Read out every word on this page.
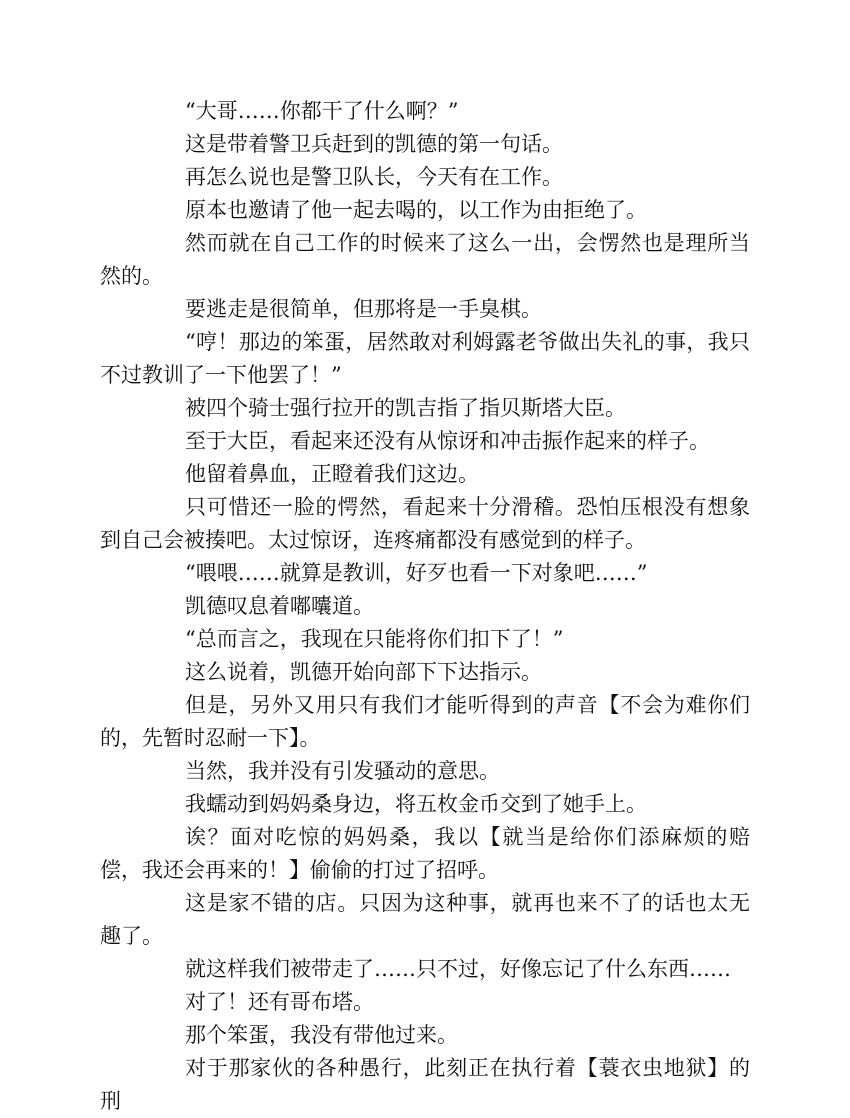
“大哥……你都干了什么啊？”

这是带着警卫兵赶到的凯德的第一句话。

再怎么说也是警卫队长，今天有在工作。

原本也邀请了他一起去喝的，以工作为由拒绝了。

然而就在自己工作的时候来了这么一出，会愣然也是理所当然的。

要逃走是很简单，但那将是一手臭棋。

“哼！那边的笨蛋，居然敢对利姆露老爷做出失礼的事，我只不过教训了一下他罢了！”

被四个骑士强行拉开的凯吉指了指贝斯塔大臣。

至于大臣，看起来还没有从惊讶和冲击振作起来的样子。

他留着鼻血，正瞪着我们这边。

只可惜还一脸的愕然，看起来十分滑稽。恐怕压根没有想象到自己会被揍吧。太过惊讶，连疼痛都没有感觉到的样子。

“喂喂……就算是教训，好歹也看一下对象吧……”

凯德叹息着嘟囔道。

“总而言之，我现在只能将你们扣下了！”

这么说着，凯德开始向部下下达指示。

但是，另外又用只有我们才能听得到的声音【不会为难你们的，先暂时忍耐一下】。

当然，我并没有引发骚动的意思。

我蠕动到妈妈桑身边，将五枚金币交到了她手上。

诶？面对吃惊的妈妈桑，我以【就当是给你们添麻烦的赔偿，我还会再来的！】偷偷的打过了招呼。

这是家不错的店。只因为这种事，就再也来不了的话也太无趣了。

就这样我们被带走了……只不过，好像忘记了什么东西……

对了！还有哥布塔。

那个笨蛋，我没有带他过来。

对于那家伙的各种愚行，此刻正在执行着【蓑衣虫地狱】的刑
